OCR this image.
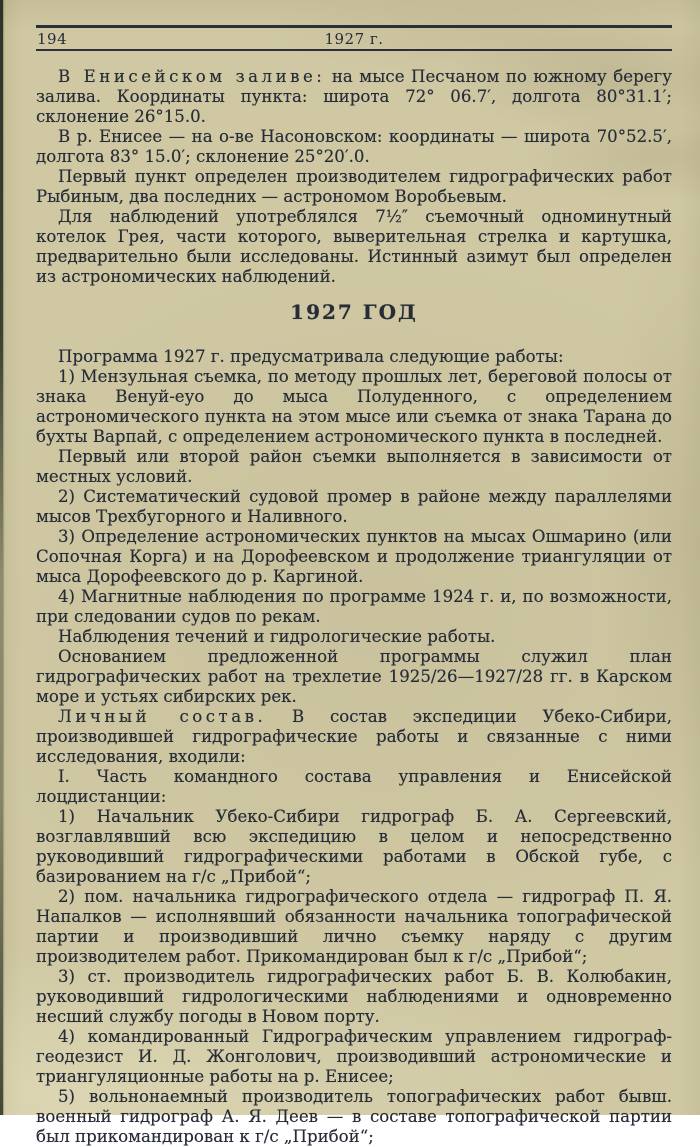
194	1927 г.

В Енисейском заливе: на мысе Песчаном по южному берегу залива. Координаты пункта: широта 72° 06.7′, долгота 80°31.1′; склонение 26°15.0.

В р. Енисее — на о-ве Насоновском: координаты — широта 70°52.5′, долгота 83° 15.0′; склонение 25°20′.0.

Первый пункт определен производителем гидрографических работ Рыбиным, два последних — астрономом Воробьевым.

Для наблюдений употреблялся 7½″ съемочный одноминутный котелок Грея, части которого, выверительная стрелка и картушка, предварительно были исследованы. Истинный азимут был определен из астрономических наблюдений.

1927 ГОД

Программа 1927 г. предусматривала следующие работы:

1) Мензульная съемка, по методу прошлых лет, береговой полосы от знака Венуй-еуо до мыса Полуденного, с определением астрономического пункта на этом мысе или съемка от знака Тарана до бухты Варпай, с определением астрономического пункта в последней.

Первый или второй район съемки выполняется в зависимости от местных условий.

2) Систематический судовой промер в районе между параллелями мысов Трехбугорного и Наливного.

3) Определение астрономических пунктов на мысах Ошмарино (или Сопочная Корга) и на Дорофеевском и продолжение триангуляции от мыса Дорофеевского до р. Каргиной.

4) Магнитные наблюдения по программе 1924 г. и, по возможности, при следовании судов по рекам.

Наблюдения течений и гидрологические работы.

Основанием предложенной программы служил план гидрографических работ на трехлетие 1925/26—1927/28 гг. в Карском море и устьях сибирских рек.

Личный состав. В состав экспедиции Убеко-Сибири, производившей гидрографические работы и связанные с ними исследования, входили:

I. Часть командного состава управления и Енисейской лоцдистанции:

1) Начальник Убеко-Сибири гидрограф Б. А. Сергеевский, возглавлявший всю экспедицию в целом и непосредственно руководивший гидрографическими работами в Обской губе, с базированием на г/с „Прибой“;

2) пом. начальника гидрографического отдела — гидрограф П. Я. Напалков — исполнявший обязанности начальника топографической партии и производивший лично съемку наряду с другим производителем работ. Прикомандирован был к г/с „Прибой“;

3) ст. производитель гидрографических работ Б. В. Колюбакин, руководивший гидрологическими наблюдениями и одновременно несший службу погоды в Новом порту.

4) командированный Гидрографическим управлением гидрограф-геодезист И. Д. Жонголович, производивший астрономические и триангуляционные работы на р. Енисее;

5) вольнонаемный производитель топографических работ бывш. военный гидрограф А. Я. Деев — в составе топографической партии был прикомандирован к г/с „Прибой“;
